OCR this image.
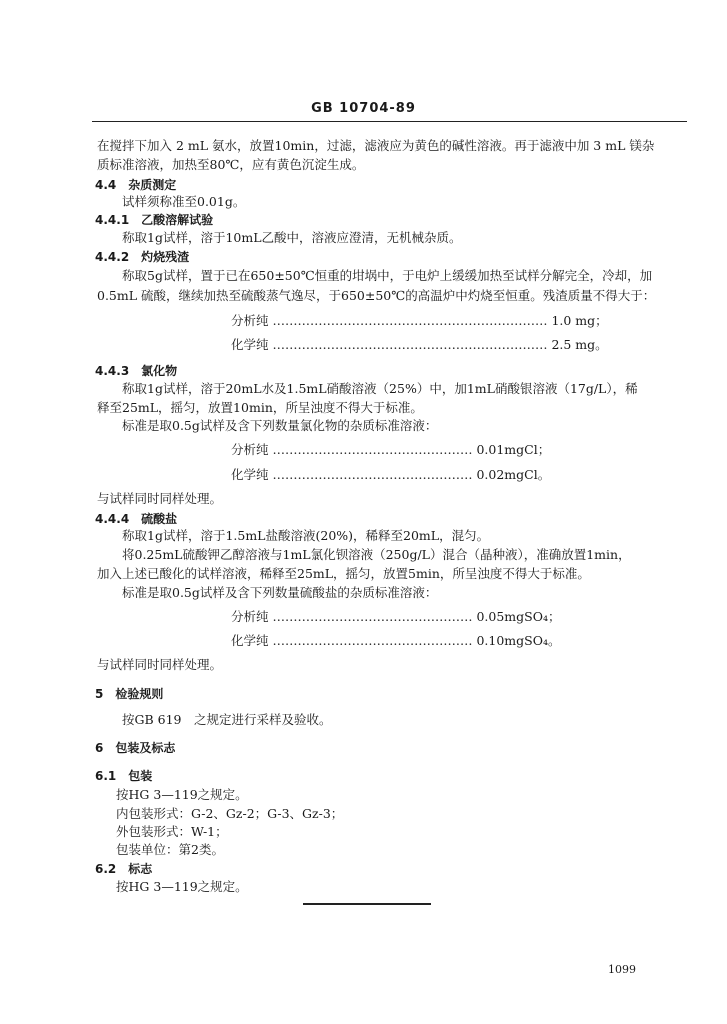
GB 10704-89
在搅拌下加入 2 mL 氨水，放置10min，过滤，滤液应为黄色的碱性溶液。再于滤液中加 3 mL 镁杂
质标准溶液，加热至80℃，应有黄色沉淀生成。
4.4　杂质测定
试样须称准至0.01g。
4.4.1　乙酸溶解试验
称取1g试样，溶于10mL乙酸中，溶液应澄清，无机械杂质。
4.4.2　灼烧残渣
称取5g试样，置于已在650±50℃恒重的坩埚中，于电炉上缓缓加热至试样分解完全，冷却，加
0.5mL 硫酸，继续加热至硫酸蒸气逸尽，于650±50℃的高温炉中灼烧至恒重。残渣质量不得大于：
分析纯 ………………………………………………………… 1.0 mg；
化学纯 ………………………………………………………… 2.5 mg。
4.4.3　氯化物
称取1g试样，溶于20mL水及1.5mL硝酸溶液（25%）中，加1mL硝酸银溶液（17g/L），稀
释至25mL，摇匀，放置10min，所呈浊度不得大于标准。
标准是取0.5g试样及含下列数量氯化物的杂质标准溶液：
分析纯 ………………………………………… 0.01mgCl；
化学纯 ………………………………………… 0.02mgCl。
与试样同时同样处理。
4.4.4　硫酸盐
称取1g试样，溶于1.5mL盐酸溶液(20%)，稀释至20mL，混匀。
将0.25mL硫酸钾乙醇溶液与1mL氯化钡溶液（250g/L）混合（晶种液），准确放置1min，
加入上述已酸化的试样溶液，稀释至25mL，摇匀，放置5min，所呈浊度不得大于标准。
标准是取0.5g试样及含下列数量硫酸盐的杂质标准溶液：
分析纯 ………………………………………… 0.05mgSO₄；
化学纯 ………………………………………… 0.10mgSO₄。
与试样同时同样处理。
5　检验规则
按GB 619　之规定进行采样及验收。
6　包装及标志
6.1　包装
按HG 3—119之规定。
内包装形式：G-2、Gz-2；G-3、Gz-3；
外包装形式：W-1；
包装单位：第2类。
6.2　标志
按HG 3—119之规定。
1099
